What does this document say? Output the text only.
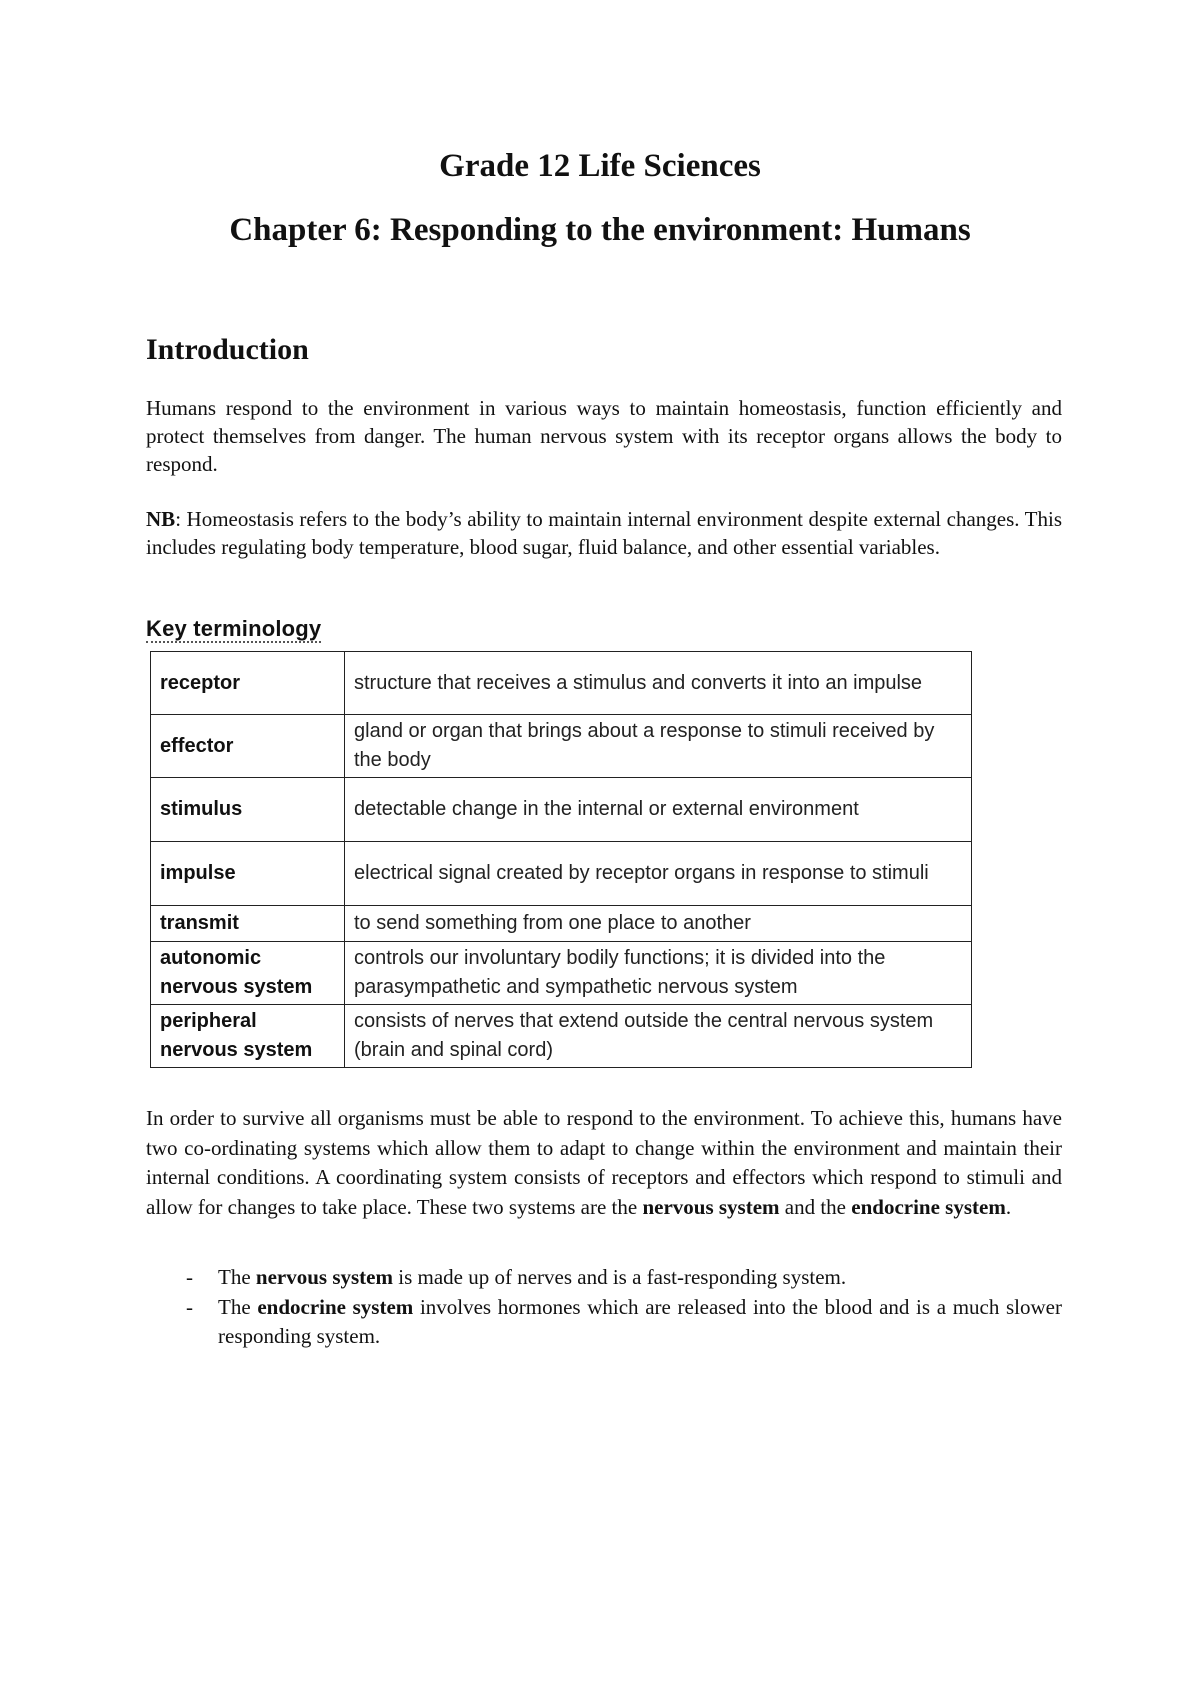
Grade 12 Life Sciences
Chapter 6: Responding to the environment: Humans
Introduction

Humans respond to the environment in various ways to maintain homeostasis, function efficiently and protect themselves from danger. The human nervous system with its receptor organs allows the body to respond.

NB: Homeostasis refers to the body’s ability to maintain internal environment despite external changes. This includes regulating body temperature, blood sugar, fluid balance, and other essential variables.

Key terminology
receptor	structure that receives a stimulus and converts it into an impulse
effector	gland or organ that brings about a response to stimuli received by the body
stimulus	detectable change in the internal or external environment
impulse	electrical signal created by receptor organs in response to stimuli
transmit	to send something from one place to another
autonomic nervous system	controls our involuntary bodily functions; it is divided into the parasympathetic and sympathetic nervous system
peripheral nervous system	consists of nerves that extend outside the central nervous system (brain and spinal cord)

In order to survive all organisms must be able to respond to the environment. To achieve this, humans have two co-ordinating systems which allow them to adapt to change within the environment and maintain their internal conditions. A coordinating system consists of receptors and effectors which respond to stimuli and allow for changes to take place. These two systems are the nervous system and the endocrine system.

- The nervous system is made up of nerves and is a fast-responding system.
- The endocrine system involves hormones which are released into the blood and is a much slower responding system.
